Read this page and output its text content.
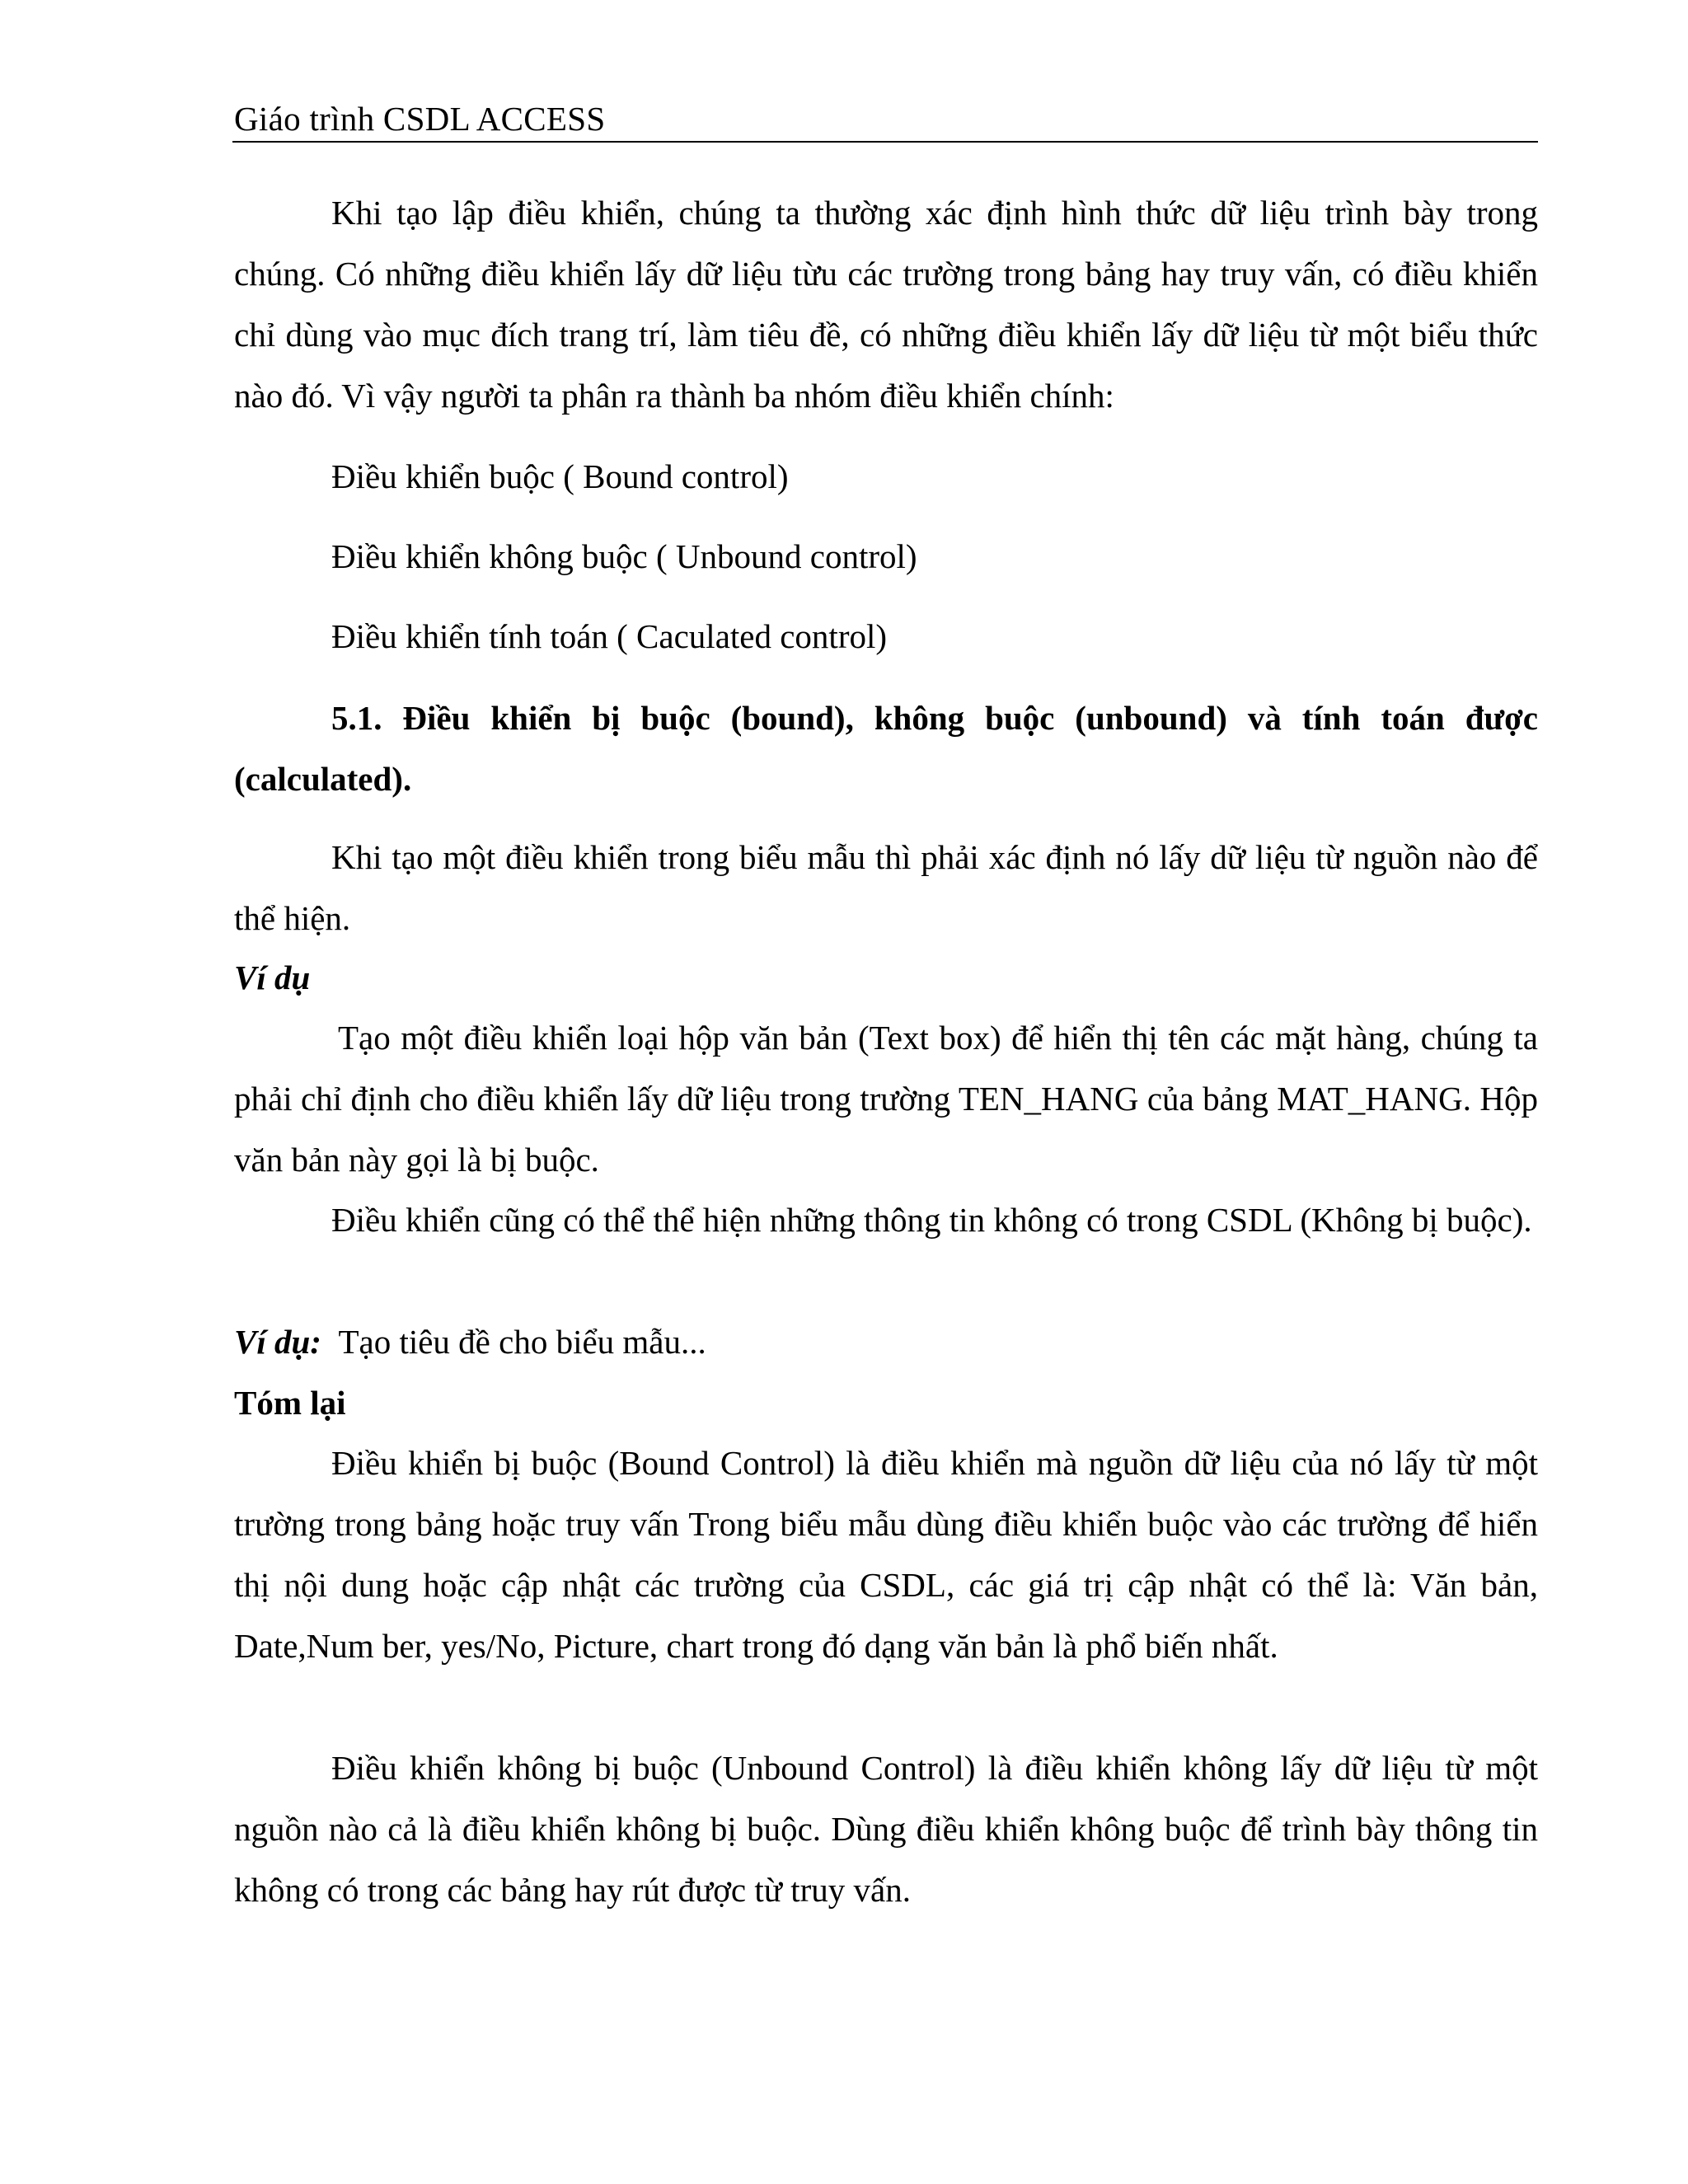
Giáo trình CSDL ACCESS
Khi tạo lập điều khiển, chúng ta thường xác định hình thức dữ liệu trình bày trong chúng. Có những điều khiển lấy dữ liệu từu các trường trong bảng hay truy vấn, có điều khiển chỉ dùng vào mục đích trang trí, làm tiêu đề, có những điều khiển lấy dữ liệu từ một biểu thức nào đó. Vì vậy người ta phân ra thành ba nhóm điều khiển chính:
Điều khiển buộc ( Bound control)
Điều khiển không buộc ( Unbound control)
Điều khiển tính toán ( Caculated control)
5.1. Điều khiển bị buộc (bound), không buộc (unbound) và tính toán được (calculated).
Khi tạo một điều khiển trong biểu mẫu thì phải xác định nó lấy dữ liệu từ nguồn nào để thể hiện.
Ví dụ
Tạo một điều khiển loại hộp văn bản (Text box) để hiển thị tên các mặt hàng, chúng ta phải chỉ định cho điều khiển lấy dữ liệu trong trường TEN_HANG của bảng MAT_HANG. Hộp văn bản này gọi là bị buộc.
Điều khiển cũng có thể thể hiện những thông tin không có trong CSDL (Không bị buộc).
Ví dụ: Tạo tiêu đề cho biểu mẫu...
Tóm lại
Điều khiển bị buộc (Bound Control) là điều khiển mà nguồn dữ liệu của nó lấy từ một trường trong bảng hoặc truy vấn Trong biểu mẫu dùng điều khiển buộc vào các trường để hiển thị nội dung hoặc cập nhật các trường của CSDL, các giá trị cập nhật có thể là: Văn bản, Date,Num ber, yes/No, Picture, chart trong đó dạng văn bản là phổ biến nhất.
Điều khiển không bị buộc (Unbound Control) là điều khiển không lấy dữ liệu từ một nguồn nào cả là điều khiển không bị buộc. Dùng điều khiển không buộc để trình bày thông tin không có trong các bảng hay rút được từ truy vấn.
